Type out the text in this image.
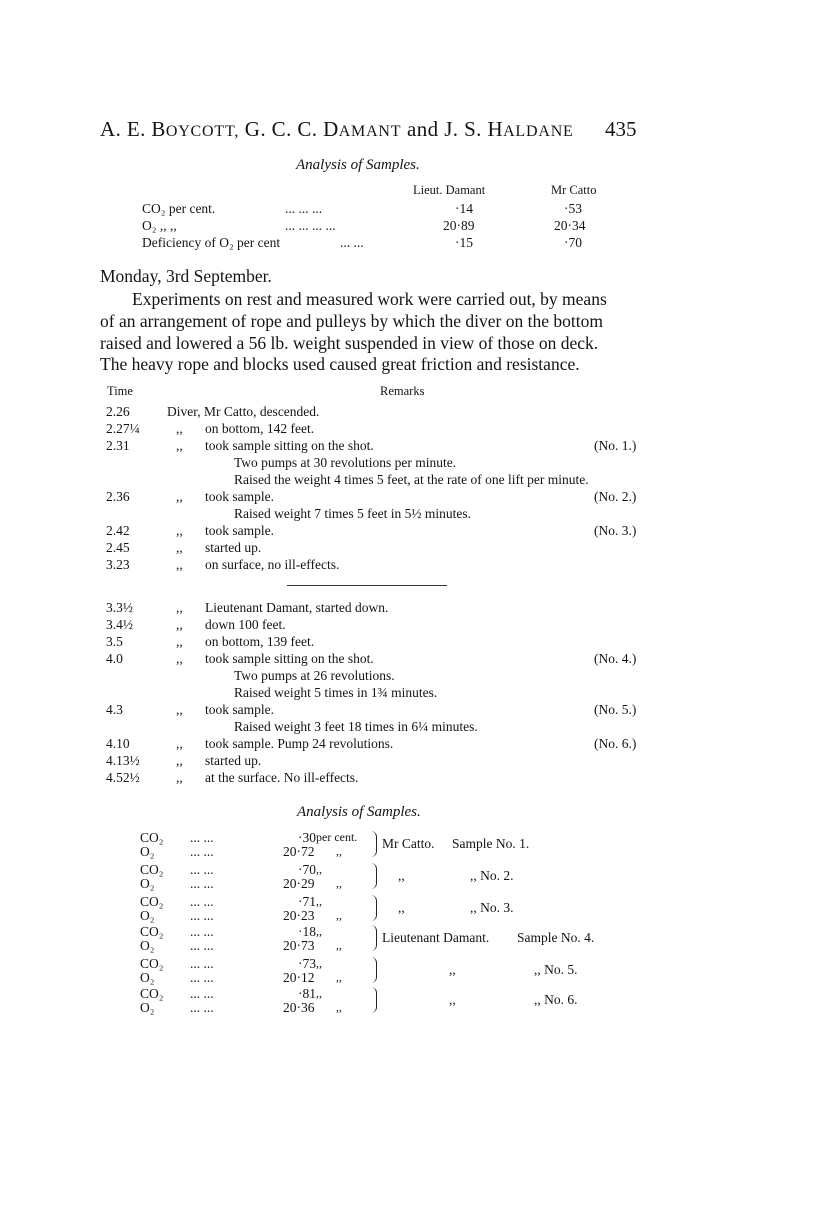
A. E. BOYCOTT, G. C. C. DAMANT and J. S. HALDANE 435
Analysis of Samples.
Lieut. Damant	Mr Catto
CO₂ per cent.	... ... ...	·14	·53
O₂ ,, ,,	... ... ... ...	20·89	20·34
Deficiency of O₂ per cent	... ...	·15	·70
Monday, 3rd September.
Experiments on rest and measured work were carried out, by means
of an arrangement of rope and pulleys by which the diver on the bottom
raised and lowered a 56 lb. weight suspended in view of those on deck.
The heavy rope and blocks used caused great friction and resistance.
Time	Remarks
2.26	Diver, Mr Catto, descended.
2.27¼	,, on bottom, 142 feet.
2.31	,, took sample sitting on the shot.	(No. 1.)
Two pumps at 30 revolutions per minute.
Raised the weight 4 times 5 feet, at the rate of one lift per minute.
2.36	,, took sample.	(No. 2.)
Raised weight 7 times 5 feet in 5½ minutes.
2.42	,, took sample.	(No. 3.)
2.45	,, started up.
3.23	,, on surface, no ill-effects.
3.3½	,, Lieutenant Damant, started down.
3.4½	,, down 100 feet.
3.5	,, on bottom, 139 feet.
4.0	,, took sample sitting on the shot.	(No. 4.)
Two pumps at 26 revolutions.
Raised weight 5 times in 1¾ minutes.
4.3	,, took sample.	(No. 5.)
Raised weight 3 feet 18 times in 6¼ minutes.
4.10	,, took sample. Pump 24 revolutions.	(No. 6.)
4.13½	,, started up.
4.52½	,, at the surface. No ill-effects.
Analysis of Samples.
CO₂ ... ...	·30 per cent.
O₂	... ...	20·72 ,,	Mr Catto. Sample No. 1.
CO₂ ... ...	·70 ,,
O₂	... ...	20·29 ,,	,,	,, No. 2.
CO₂ ... ...	·71 ,,
O₂	... ...	20·23 ,,	,,	,, No. 3.
CO₂ ... ...	·18 ,,
O₂	... ...	20·73 ,,	Lieutenant Damant. Sample No. 4.
CO₂ ... ...	·73 ,,
O₂	... ...	20·12 ,,	,,	,, No. 5.
CO₂ ... ...	·81 ,,
O₂	... ...	20·36 ,,	,,	,, No. 6.
